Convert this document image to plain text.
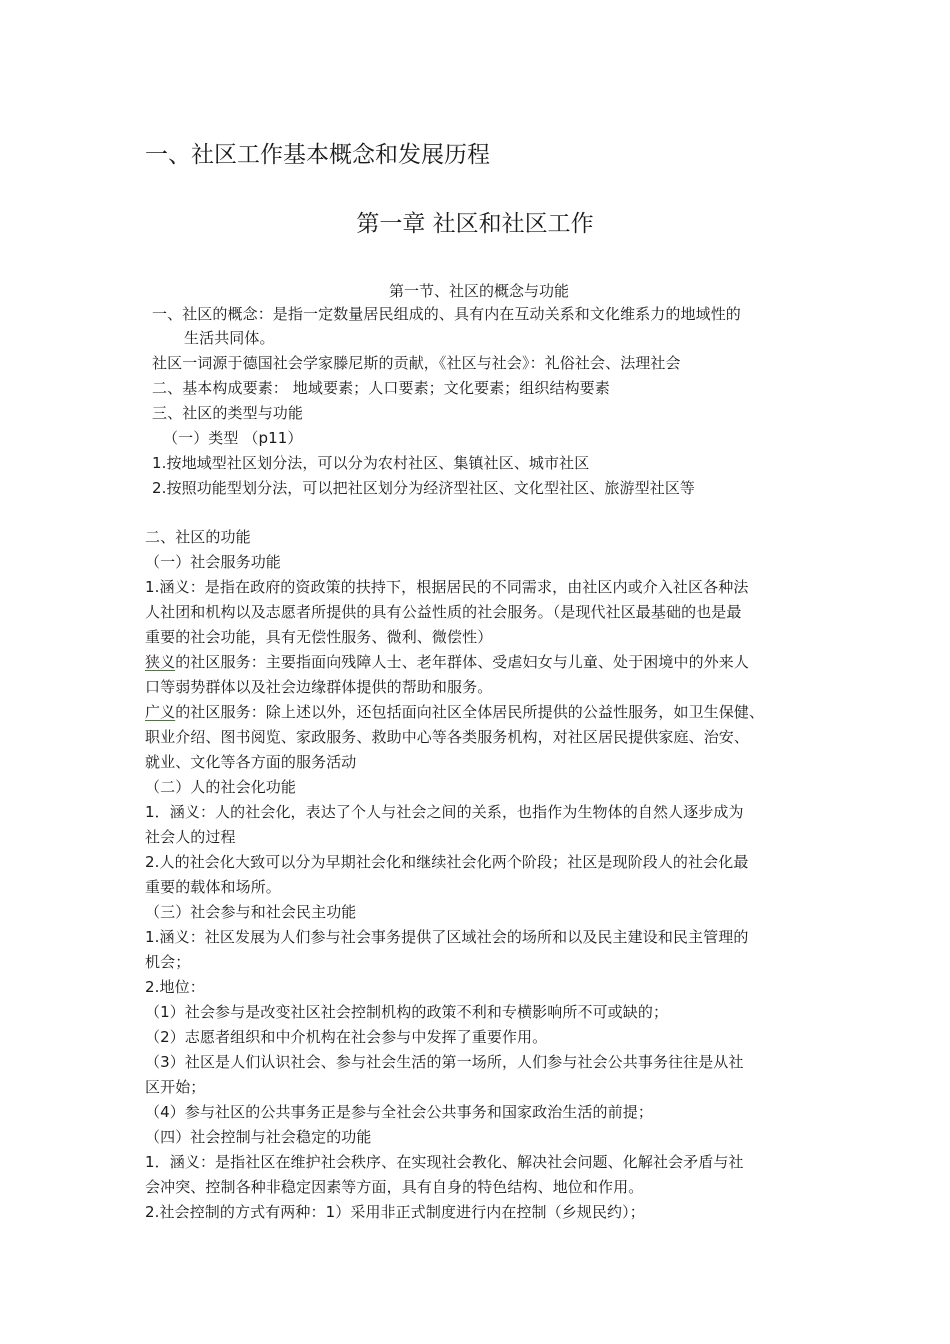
一、社区工作基本概念和发展历程
第一章 社区和社区工作
第一节、社区的概念与功能
一、社区的概念：是指一定数量居民组成的、具有内在互动关系和文化维系力的地域性的
生活共同体。
社区一词源于德国社会学家滕尼斯的贡献，《社区与社会》：礼俗社会、法理社会
二、基本构成要素： 地域要素；人口要素；文化要素；组织结构要素
三、社区的类型与功能
（一）类型 （p11）
1.按地域型社区划分法，可以分为农村社区、集镇社区、城市社区
2.按照功能型划分法，可以把社区划分为经济型社区、文化型社区、旅游型社区等
二、社区的功能
（一）社会服务功能
1.涵义：是指在政府的资政策的扶持下，根据居民的不同需求，由社区内或介入社区各种法
人社团和机构以及志愿者所提供的具有公益性质的社会服务。（是现代社区最基础的也是最
重要的社会功能，具有无偿性服务、微利、微偿性）
狭义的社区服务：主要指面向残障人士、老年群体、受虐妇女与儿童、处于困境中的外来人
口等弱势群体以及社会边缘群体提供的帮助和服务。
广义的社区服务：除上述以外，还包括面向社区全体居民所提供的公益性服务，如卫生保健、
职业介绍、图书阅览、家政服务、救助中心等各类服务机构，对社区居民提供家庭、治安、
就业、文化等各方面的服务活动
（二）人的社会化功能
1．涵义：人的社会化，表达了个人与社会之间的关系，也指作为生物体的自然人逐步成为
社会人的过程
2.人的社会化大致可以分为早期社会化和继续社会化两个阶段；社区是现阶段人的社会化最
重要的载体和场所。
（三）社会参与和社会民主功能
1.涵义：社区发展为人们参与社会事务提供了区域社会的场所和以及民主建设和民主管理的
机会；
2.地位：
（1）社会参与是改变社区社会控制机构的政策不利和专横影响所不可或缺的；
（2）志愿者组织和中介机构在社会参与中发挥了重要作用。
（3）社区是人们认识社会、参与社会生活的第一场所，人们参与社会公共事务往往是从社
区开始；
（4）参与社区的公共事务正是参与全社会公共事务和国家政治生活的前提；
（四）社会控制与社会稳定的功能
1．涵义：是指社区在维护社会秩序、在实现社会教化、解决社会问题、化解社会矛盾与社
会冲突、控制各种非稳定因素等方面，具有自身的特色结构、地位和作用。
2.社会控制的方式有两种：1）采用非正式制度进行内在控制（乡规民约）；
